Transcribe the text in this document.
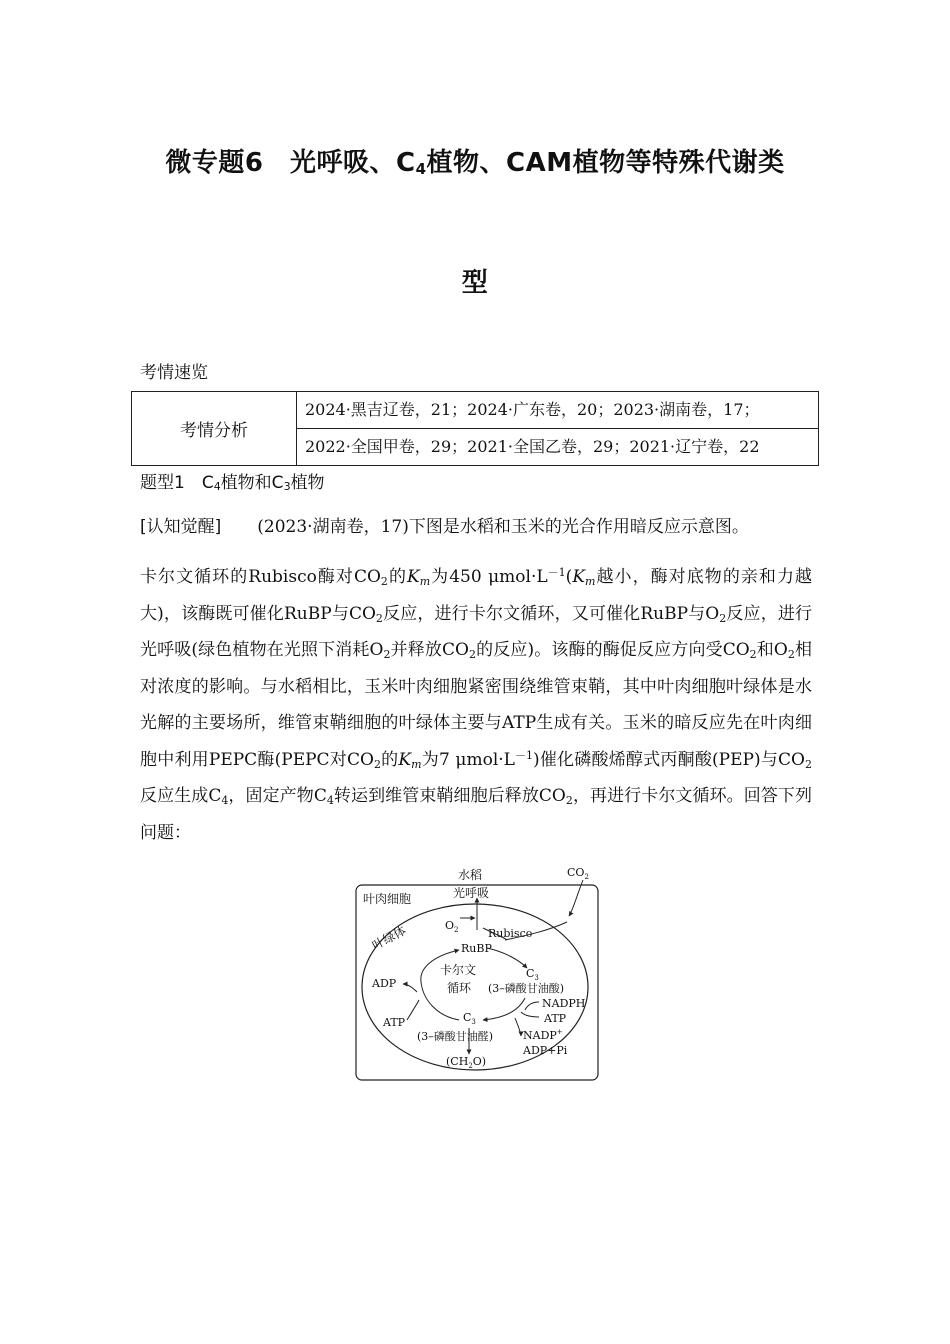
微专题6　光呼吸、$C_4$植物、CAM植物等特殊代谢类
型
考情速览
考情分析	2024·黑吉辽卷，21；2024·广东卷，20；2023·湖南卷，17；
2022·全国甲卷，29；2021·全国乙卷，29；2021·辽宁卷，22
题型1　$C_4$植物和$C_3$植物
[认知觉醒] (2023·湖南卷，17)下图是水稻和玉米的光合作用暗反应示意图。
卡尔文循环的Rubisco酶对$CO_2$的$K_m$为450 $\mu mol\cdot L^{-1}(K_m$越小，酶对底物的亲和力越大)，该酶既可催化RuBP与$CO_2$反应，进行卡尔文循环，又可催化RuBP与$O_2$反应，进行光呼吸(绿色植物在光照下消耗$O_2$并释放$CO_2$的反应)。该酶的酶促反应方向受$CO_2$和$O_2$相对浓度的影响。与水稻相比，玉米叶肉细胞紧密围绕维管束鞘，其中叶肉细胞叶绿体是水光解的主要场所，维管束鞘细胞的叶绿体主要与ATP生成有关。玉米的暗反应先在叶肉细胞中利用PEPC酶(PEPC对$CO_2$的$K_m$为7 $\mu mol\cdot L^{-1}$)催化磷酸烯醇式丙酮酸(PEP)与$CO_2$反应生成$C_4$，固定产物$C_4$转运到维管束鞘细胞后释放$CO_2$，再进行卡尔文循环。回答下列问题：
水稻
光呼吸
$CO_2$
叶肉细胞
叶绿体	$O_2$	Rubisco
RuBP
卡尔文
循环
$C_3$
(3–磷酸甘油酸)
NADPH
ATP
ADP
ATP	$C_3$
NADP+
(3–磷酸甘油醛)
ADP+Pi
$(CH_2O)$
